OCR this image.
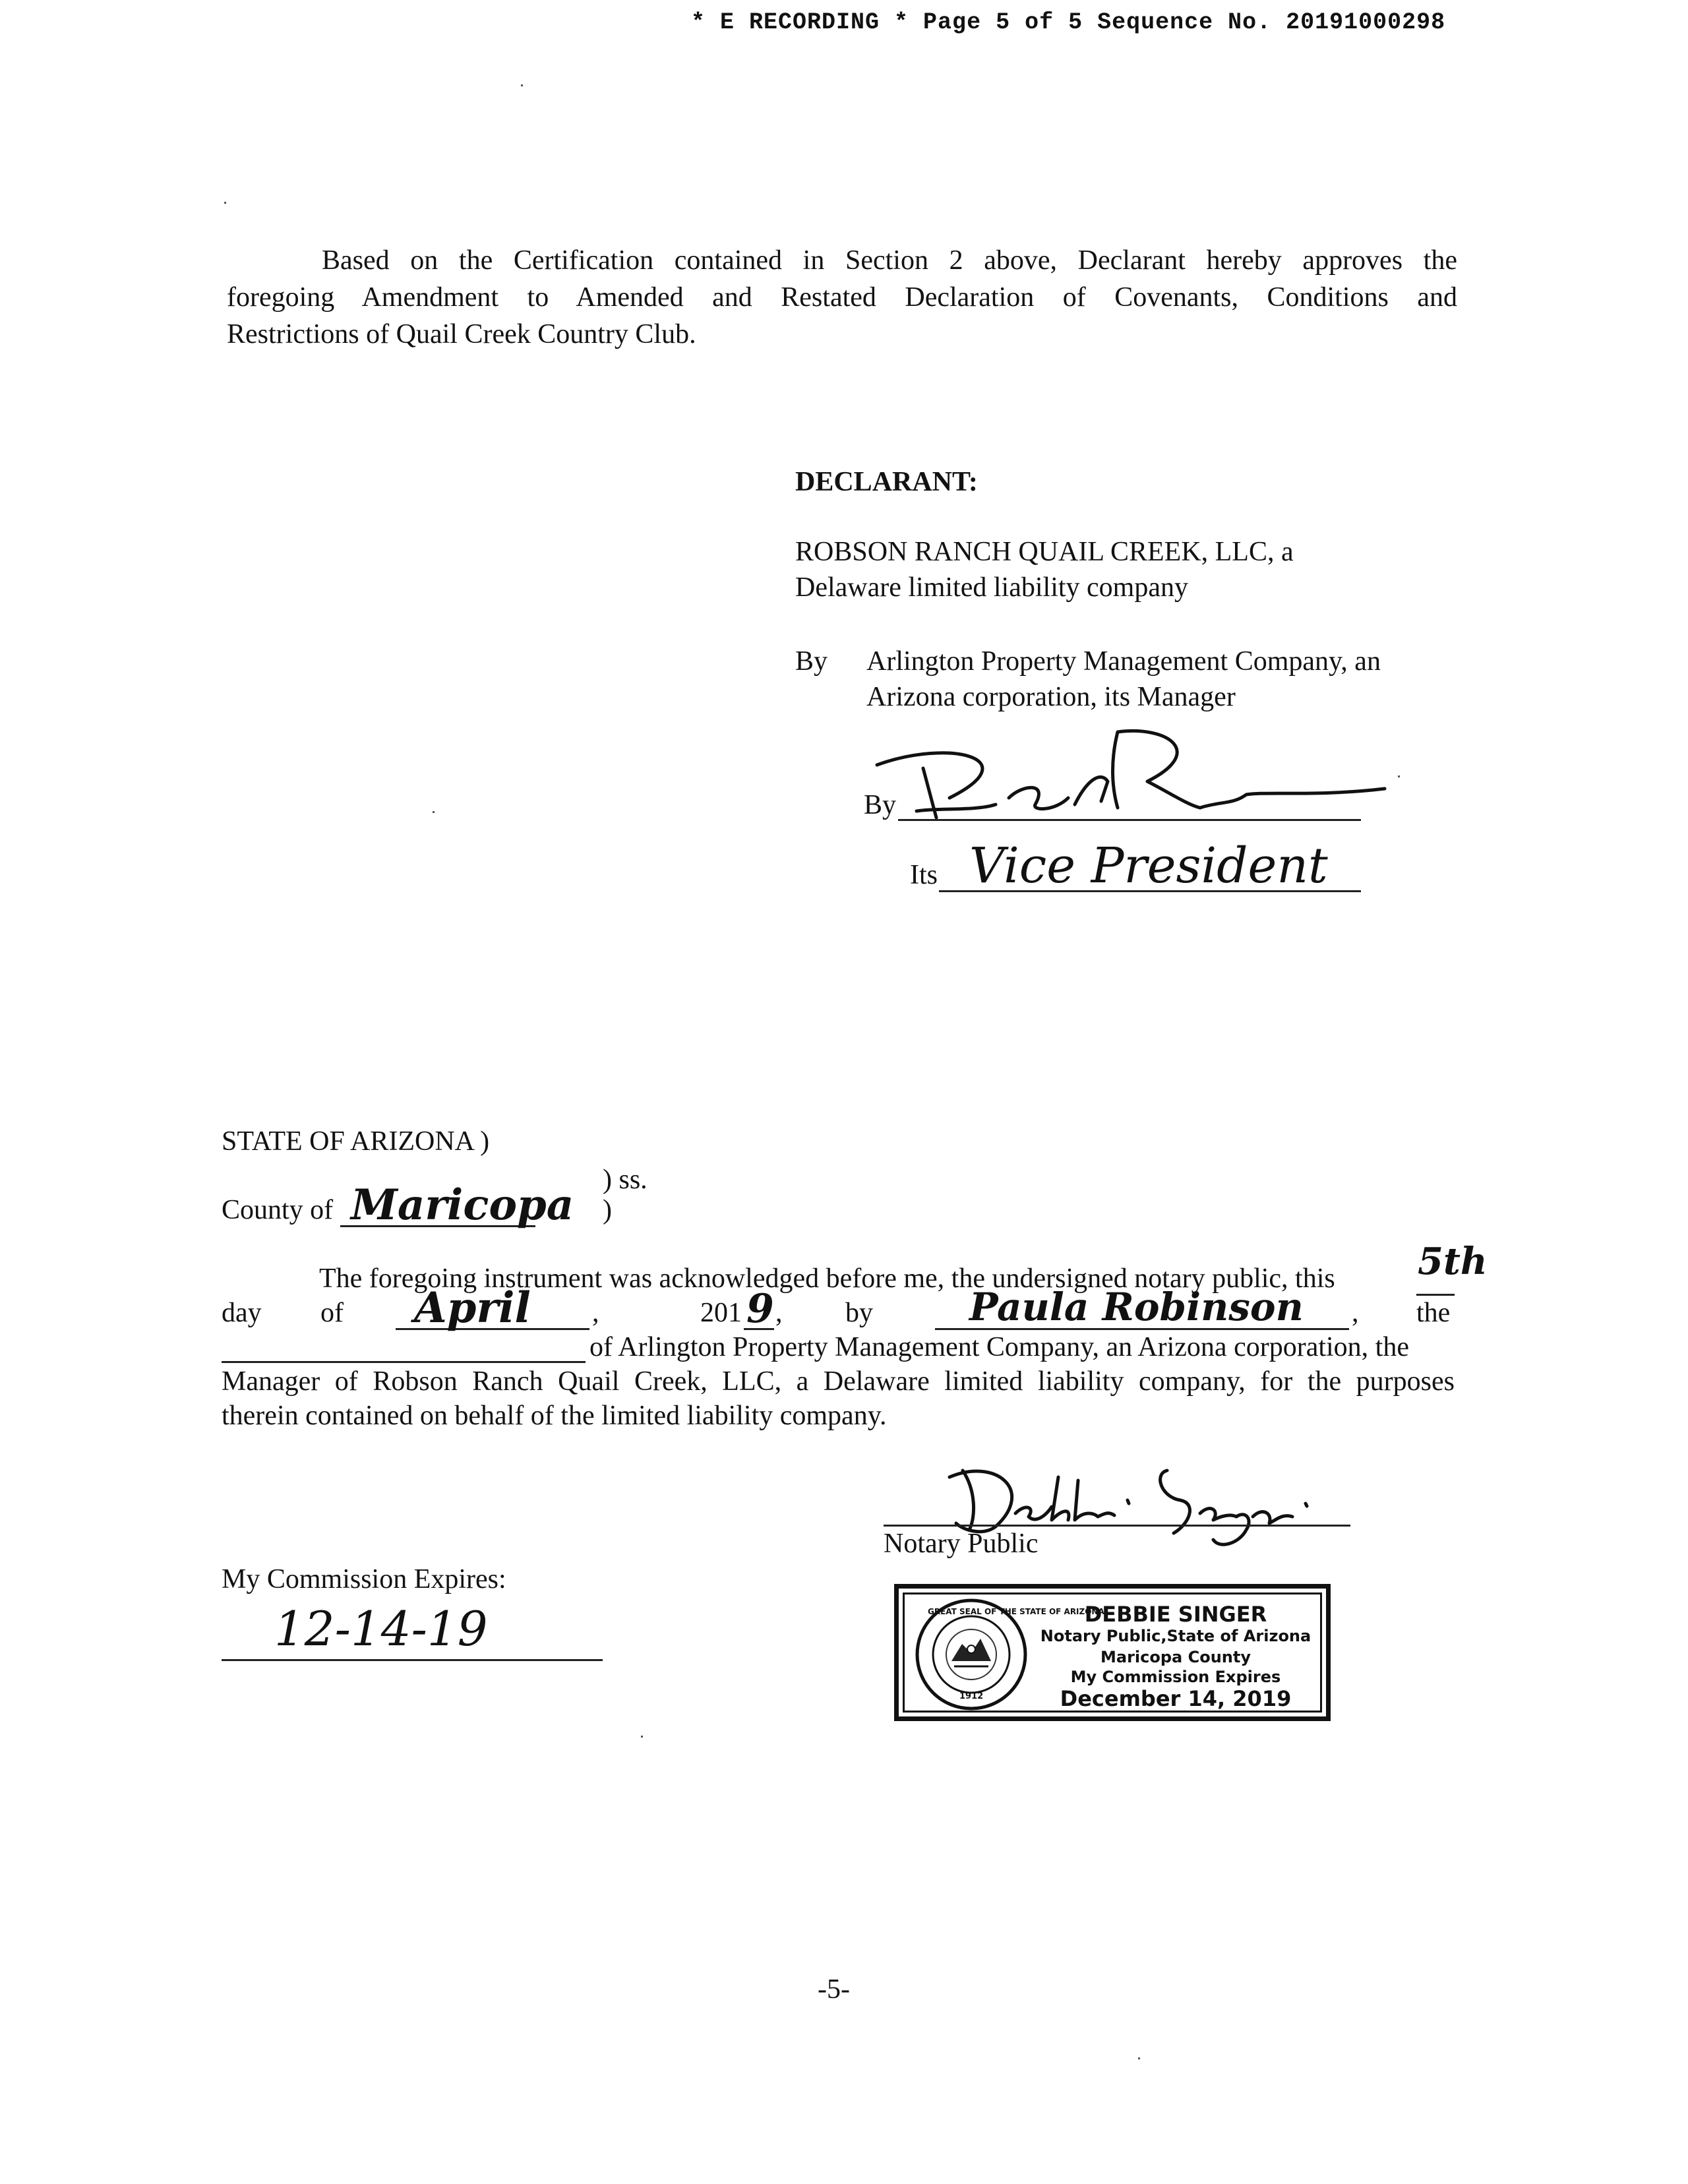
* E RECORDING * Page 5 of 5 Sequence No. 20191000298
Based on the Certification contained in Section 2 above, Declarant hereby approves the
foregoing Amendment to Amended and Restated Declaration of Covenants, Conditions and
Restrictions of Quail Creek Country Club.
DECLARANT:
ROBSON RANCH QUAIL CREEK, LLC, a
Delaware limited liability company
By Arlington Property Management Company, an
Arizona corporation, its Manager
By
Its Vice President
STATE OF ARIZONA )
) ss.
County of Maricopa )
The foregoing instrument was acknowledged before me, the undersigned notary public, this 5th
day of April ,	201 9 , by	Paula Robinson , the
of Arlington Property Management Company, an Arizona corporation, the
Manager of Robson Ranch Quail Creek, LLC, a Delaware limited liability company, for the purposes
therein contained on behalf of the limited liability company.
Notary Public
My Commission Expires:
12-14-19	GREAT SEAL OF THE STATE OF ARIZONA
1912
DEBBIE SINGER
Notary Public,State of Arizona
Maricopa County
My Commission Expires
December 14, 2019
-5-
